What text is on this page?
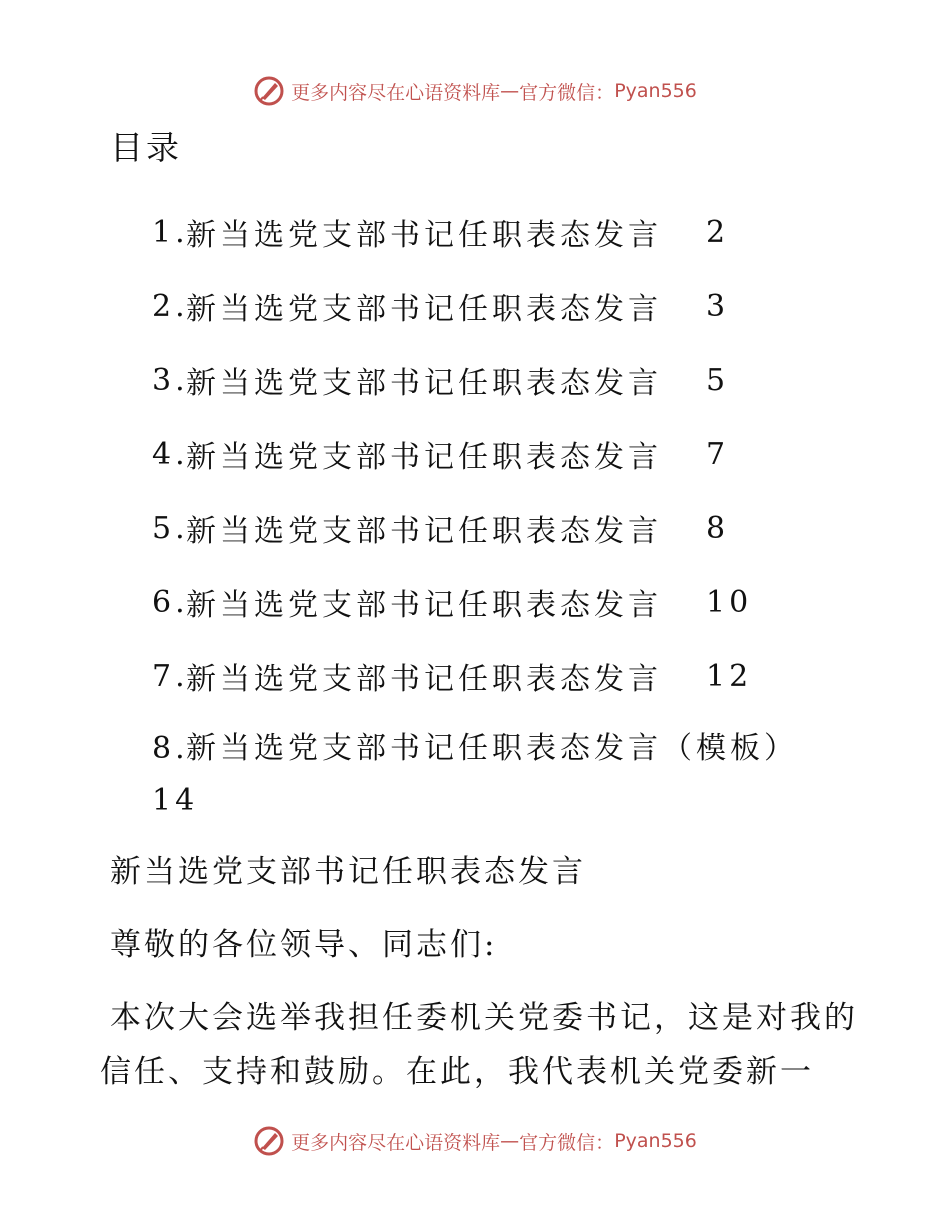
更多内容尽在 心语资料库 — 官方微信： Pyan556
目录
1.
新当选党支部书记任职表态发言	2
2.
新当选党支部书记任职表态发言	3
3.
新当选党支部书记任职表态发言	5
4.
新当选党支部书记任职表态发言	7
5.
新当选党支部书记任职表态发言	8
6.
新当选党支部书记任职表态发言	10
7.
新当选党支部书记任职表态发言	12
8.新当选党支部书记任职表态发言（模板）
14

新当选党支部书记任职表态发言

尊敬的各位领导、同志们:

本次大会选举我担任委机关党委书记，这是对我的信任、支持和鼓励。在此，我代表机关党委新一

更多内容尽在 心语资料库 — 官方微信： Pyan556
